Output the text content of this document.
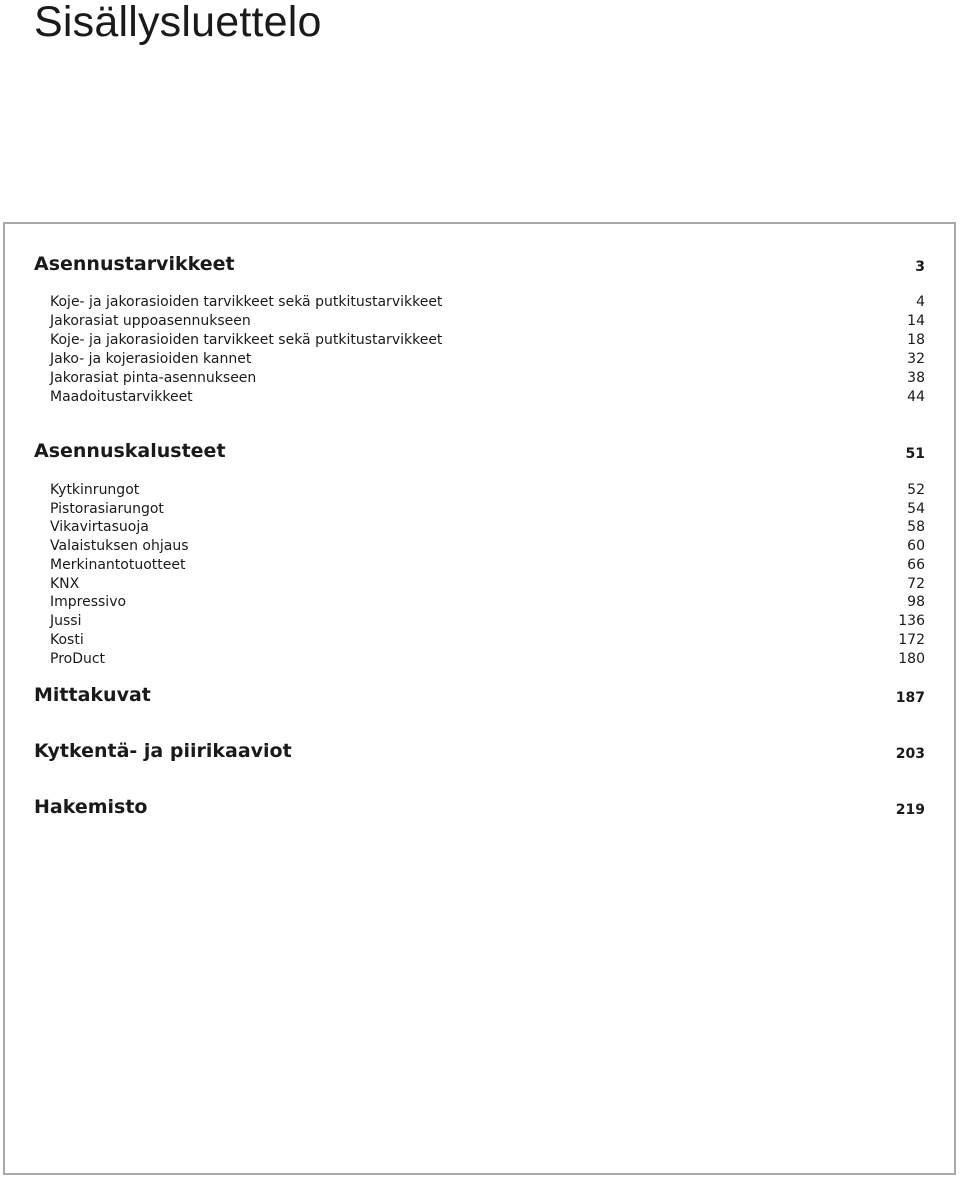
Sisällysluettelo
Asennustarvikkeet	3
Koje- ja jakorasioiden tarvikkeet sekä putkitustarvikkeet	4
Jakorasiat uppoasennukseen	14
Koje- ja jakorasioiden tarvikkeet sekä putkitustarvikkeet	18
Jako- ja kojerasioiden kannet	32
Jakorasiat pinta-asennukseen	38
Maadoitustarvikkeet	44
Asennuskalusteet	51
Kytkinrungot	52
Pistorasiarungot	54
Vikavirtasuoja	58
Valaistuksen ohjaus	60
Merkinantotuotteet	66
KNX	72
Impressivo	98
Jussi	136
Kosti	172
ProDuct	180
Mittakuvat	187
Kytkentä- ja piirikaaviot	203
Hakemisto	219
